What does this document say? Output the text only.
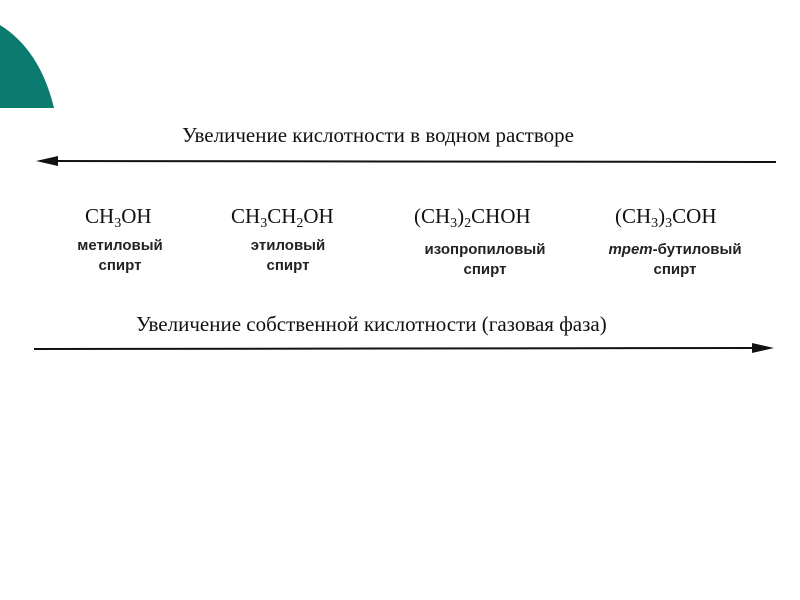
Увеличение кислотности в водном растворе
$CH_3OH$	$CH_3CH_2OH$	$(CH_3)_2CHOH$	$(CH_3)_3COH$
метиловый
спирт
этиловый
спирт
изопропиловый
спирт
трет-бутиловый
спирт
Увеличение собственной кислотности (газовая фаза)
